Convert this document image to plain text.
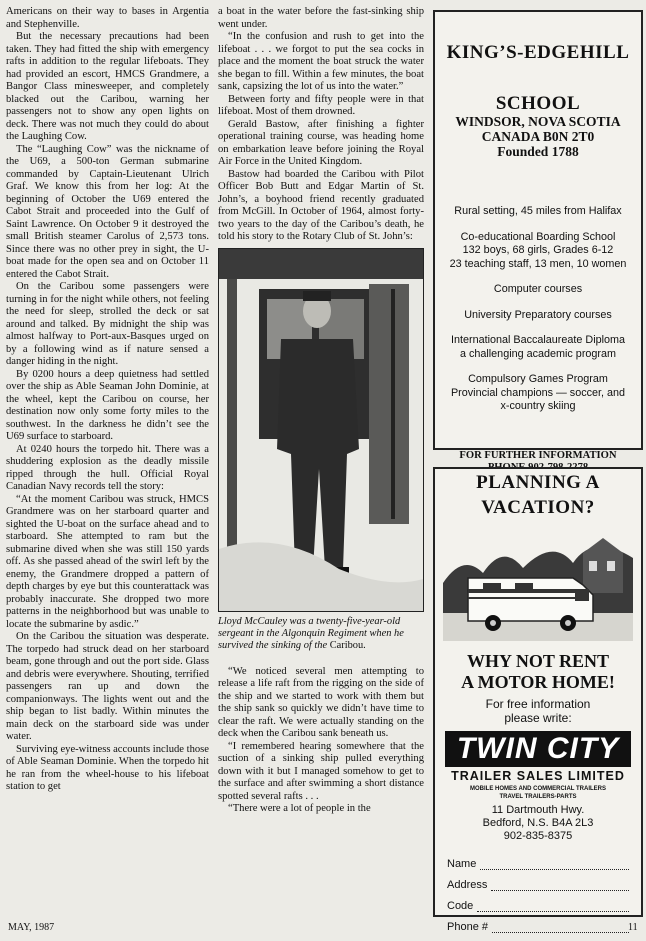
Americans on their way to bases in Argentia and Stephenville.

But the necessary precautions had been taken. They had fitted the ship with emergency rafts in addition to the regular lifeboats. They had provided an escort, HMCS Grandmere, a Bangor Class minesweeper, and completely blacked out the Caribou, warning her passengers not to show any open lights on deck. There was not much they could do about the Laughing Cow.

The “Laughing Cow” was the nickname of the U69, a 500-ton German submarine commanded by Captain-Lieutenant Ulrich Graf. We know this from her log: At the beginning of October the U69 entered the Cabot Strait and proceeded into the Gulf of Saint Lawrence. On October 9 it destroyed the small British steamer Carolus of 2,573 tons. Since there was no other prey in sight, the U-boat made for the open sea and on October 11 entered the Cabot Strait.

On the Caribou some passengers were turning in for the night while others, not feeling the need for sleep, strolled the deck or sat around and talked. By midnight the ship was almost halfway to Port-aux-Basques urged on by a following wind as if nature sensed a danger hiding in the night.

By 0200 hours a deep quietness had settled over the ship as Able Seaman John Dominie, at the wheel, kept the Caribou on course, her destination now only some forty miles to the southwest. In the darkness he didn’t see the U69 surface to starboard.

At 0240 hours the torpedo hit. There was a shuddering explosion as the deadly missile ripped through the hull. Official Royal Canadian Navy records tell the story:

“At the moment Caribou was struck, HMCS Grandmere was on her starboard quarter and sighted the U-boat on the surface ahead and to starboard. She attempted to ram but the submarine dived when she was still 150 yards off. As she passed ahead of the swirl left by the enemy, the Grandmere dropped a pattern of depth charges by eye but this counterattack was probably inaccurate. She dropped two more patterns in the neighborhood but was unable to locate the submarine by asdic.”

On the Caribou the situation was desperate. The torpedo had struck dead on her starboard beam, gone through and out the port side. Glass and debris were everywhere. Shouting, terrified passengers ran up and down the companionways. The lights went out and the ship began to list badly. Within minutes the main deck on the starboard side was under water.

Surviving eye-witness accounts include those of Able Seaman Dominie. When the torpedo hit he ran from the wheel-house to his lifeboat station to get

a boat in the water before the fast-sinking ship went under.

“In the confusion and rush to get into the lifeboat . . . we forgot to put the sea cocks in place and the moment the boat struck the water she began to fill. Within a few minutes, the boat sank, capsizing the lot of us into the water.”

Between forty and fifty people were in that lifeboat. Most of them drowned.

Gerald Bastow, after finishing a fighter operational training course, was heading home on embarkation leave before joining the Royal Air Force in the United Kingdom.

Bastow had boarded the Caribou with Pilot Officer Bob Butt and Edgar Martin of St. John’s, a boyhood friend recently graduated from McGill. In October of 1964, almost forty-two years to the day of the Caribou’s death, he told his story to the Rotary Club of St. John’s:

Lloyd McCauley was a twenty-five-year-old sergeant in the Algonquin Regiment when he survived the sinking of the Caribou.

“We noticed several men attempting to release a life raft from the rigging on the side of the ship and we started to work with them but the ship sank so quickly we didn’t have time to clear the raft. We were actually standing on the deck when the Caribou sank beneath us.

“I remembered hearing somewhere that the suction of a sinking ship pulled everything down with it but I managed somehow to get to the surface and after swimming a short distance spotted several rafts . . .

“There were a lot of people in the

KING’S-EDGEHILL
SCHOOL
WINDSOR, NOVA SCOTIA
CANADA B0N 2T0
Founded 1788
Rural setting, 45 miles from Halifax
Co-educational Boarding School
132 boys, 68 girls, Grades 6-12
23 teaching staff, 13 men, 10 women
Computer courses
University Preparatory courses
International Baccalaureate Diploma
a challenging academic program
Compulsory Games Program
Provincial champions — soccer, and
x-country skiing
FOR FURTHER INFORMATION
PLANNING A
VACATION?
WHY NOT RENT
A MOTOR HOME!
For free information
please write:
TWIN CITY
TRAILER SALES LIMITED
MOBILE HOMES AND COMMERCIAL TRAILERS
TRAVEL TRAILERS-PARTS
11 Dartmouth Hwy.
Bedford, N.S. B4A 2L3
902-835-8375
Name
Address
Code
Phone #
MAY, 1987	11
